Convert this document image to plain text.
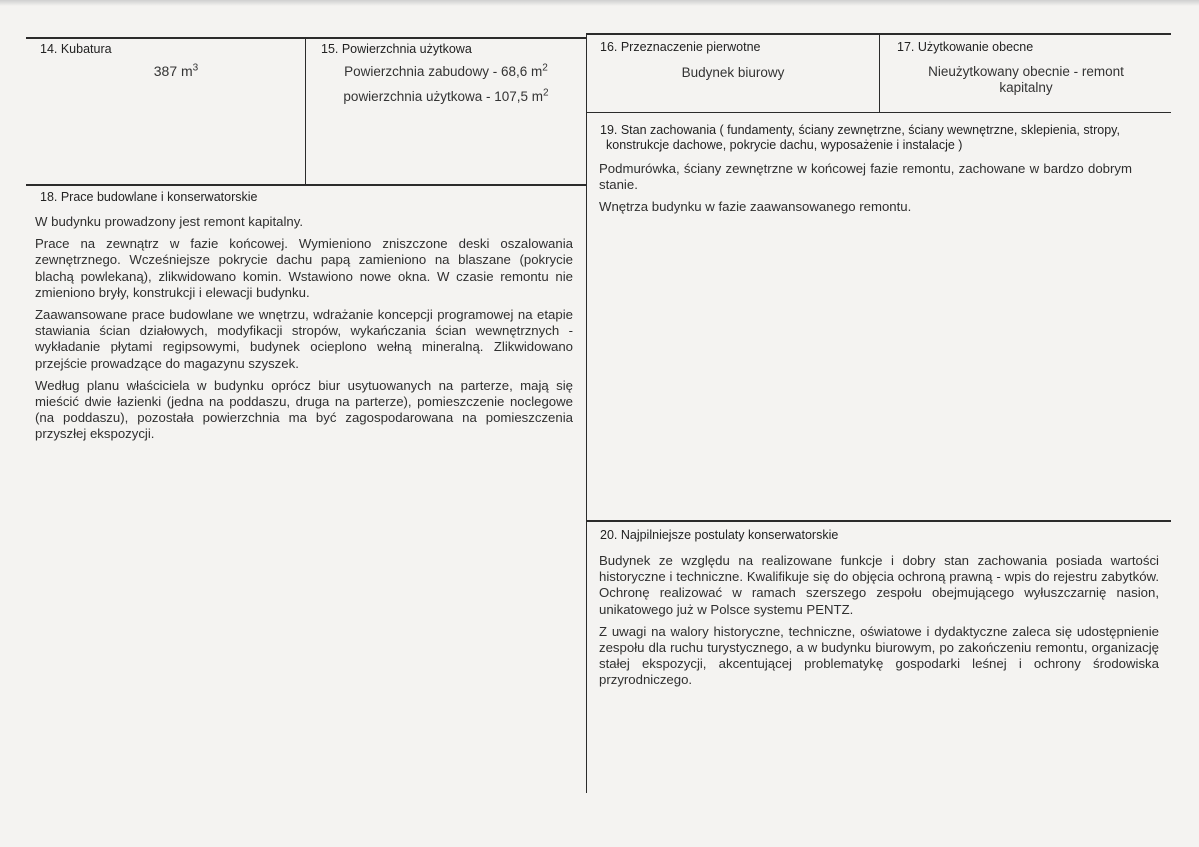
14. Kubatura
387 $m^3$
15. Powierzchnia użytkowa
Powierzchnia zabudowy - 68,6 $m^2$
powierzchnia użytkowa - 107,5 $m^2$
16. Przeznaczenie pierwotne
Budynek biurowy
17. Użytkowanie obecne
Nieużytkowany obecnie - remont kapitalny
19. Stan zachowania ( fundamenty, ściany zewnętrzne, ściany wewnętrzne, sklepienia, stropy,
konstrukcje dachowe, pokrycie dachu, wyposażenie i instalacje )

Podmurówka, ściany zewnętrzne w końcowej fazie remontu, zachowane w bardzo dobrym stanie.

Wnętrza budynku w fazie zaawansowanego remontu.

18. Prace budowlane i konserwatorskie

W budynku prowadzony jest remont kapitalny.

Prace na zewnątrz w fazie końcowej. Wymieniono zniszczone deski oszalowania zewnętrznego. Wcześniejsze pokrycie dachu papą zamieniono na blaszane (pokrycie blachą powlekaną), zlikwidowano komin. Wstawiono nowe okna. W czasie remontu nie zmieniono bryły, konstrukcji i elewacji budynku.

Zaawansowane prace budowlane we wnętrzu, wdrażanie koncepcji programowej na etapie stawiania ścian działowych, modyfikacji stropów, wykańczania ścian wewnętrznych - wykładanie płytami regipsowymi, budynek ocieplono wełną mineralną. Zlikwidowano przejście prowadzące do magazynu szyszek.

Według planu właściciela w budynku oprócz biur usytuowanych na parterze, mają się mieścić dwie łazienki (jedna na poddaszu, druga na parterze), pomieszczenie noclegowe (na poddaszu), pozostała powierzchnia ma być zagospodarowana na pomieszczenia przyszłej ekspozycji.

20. Najpilniejsze postulaty konserwatorskie

Budynek ze względu na realizowane funkcje i dobry stan zachowania posiada wartości historyczne i techniczne. Kwalifikuje się do objęcia ochroną prawną - wpis do rejestru zabytków. Ochronę realizować w ramach szerszego zespołu obejmującego wyłuszczarnię nasion, unikatowego już w Polsce systemu PENTZ.

Z uwagi na walory historyczne, techniczne, oświatowe i dydaktyczne zaleca się udostępnienie zespołu dla ruchu turystycznego, a w budynku biurowym, po zakończeniu remontu, organizację stałej ekspozycji, akcentującej problematykę gospodarki leśnej i ochrony środowiska przyrodniczego.
